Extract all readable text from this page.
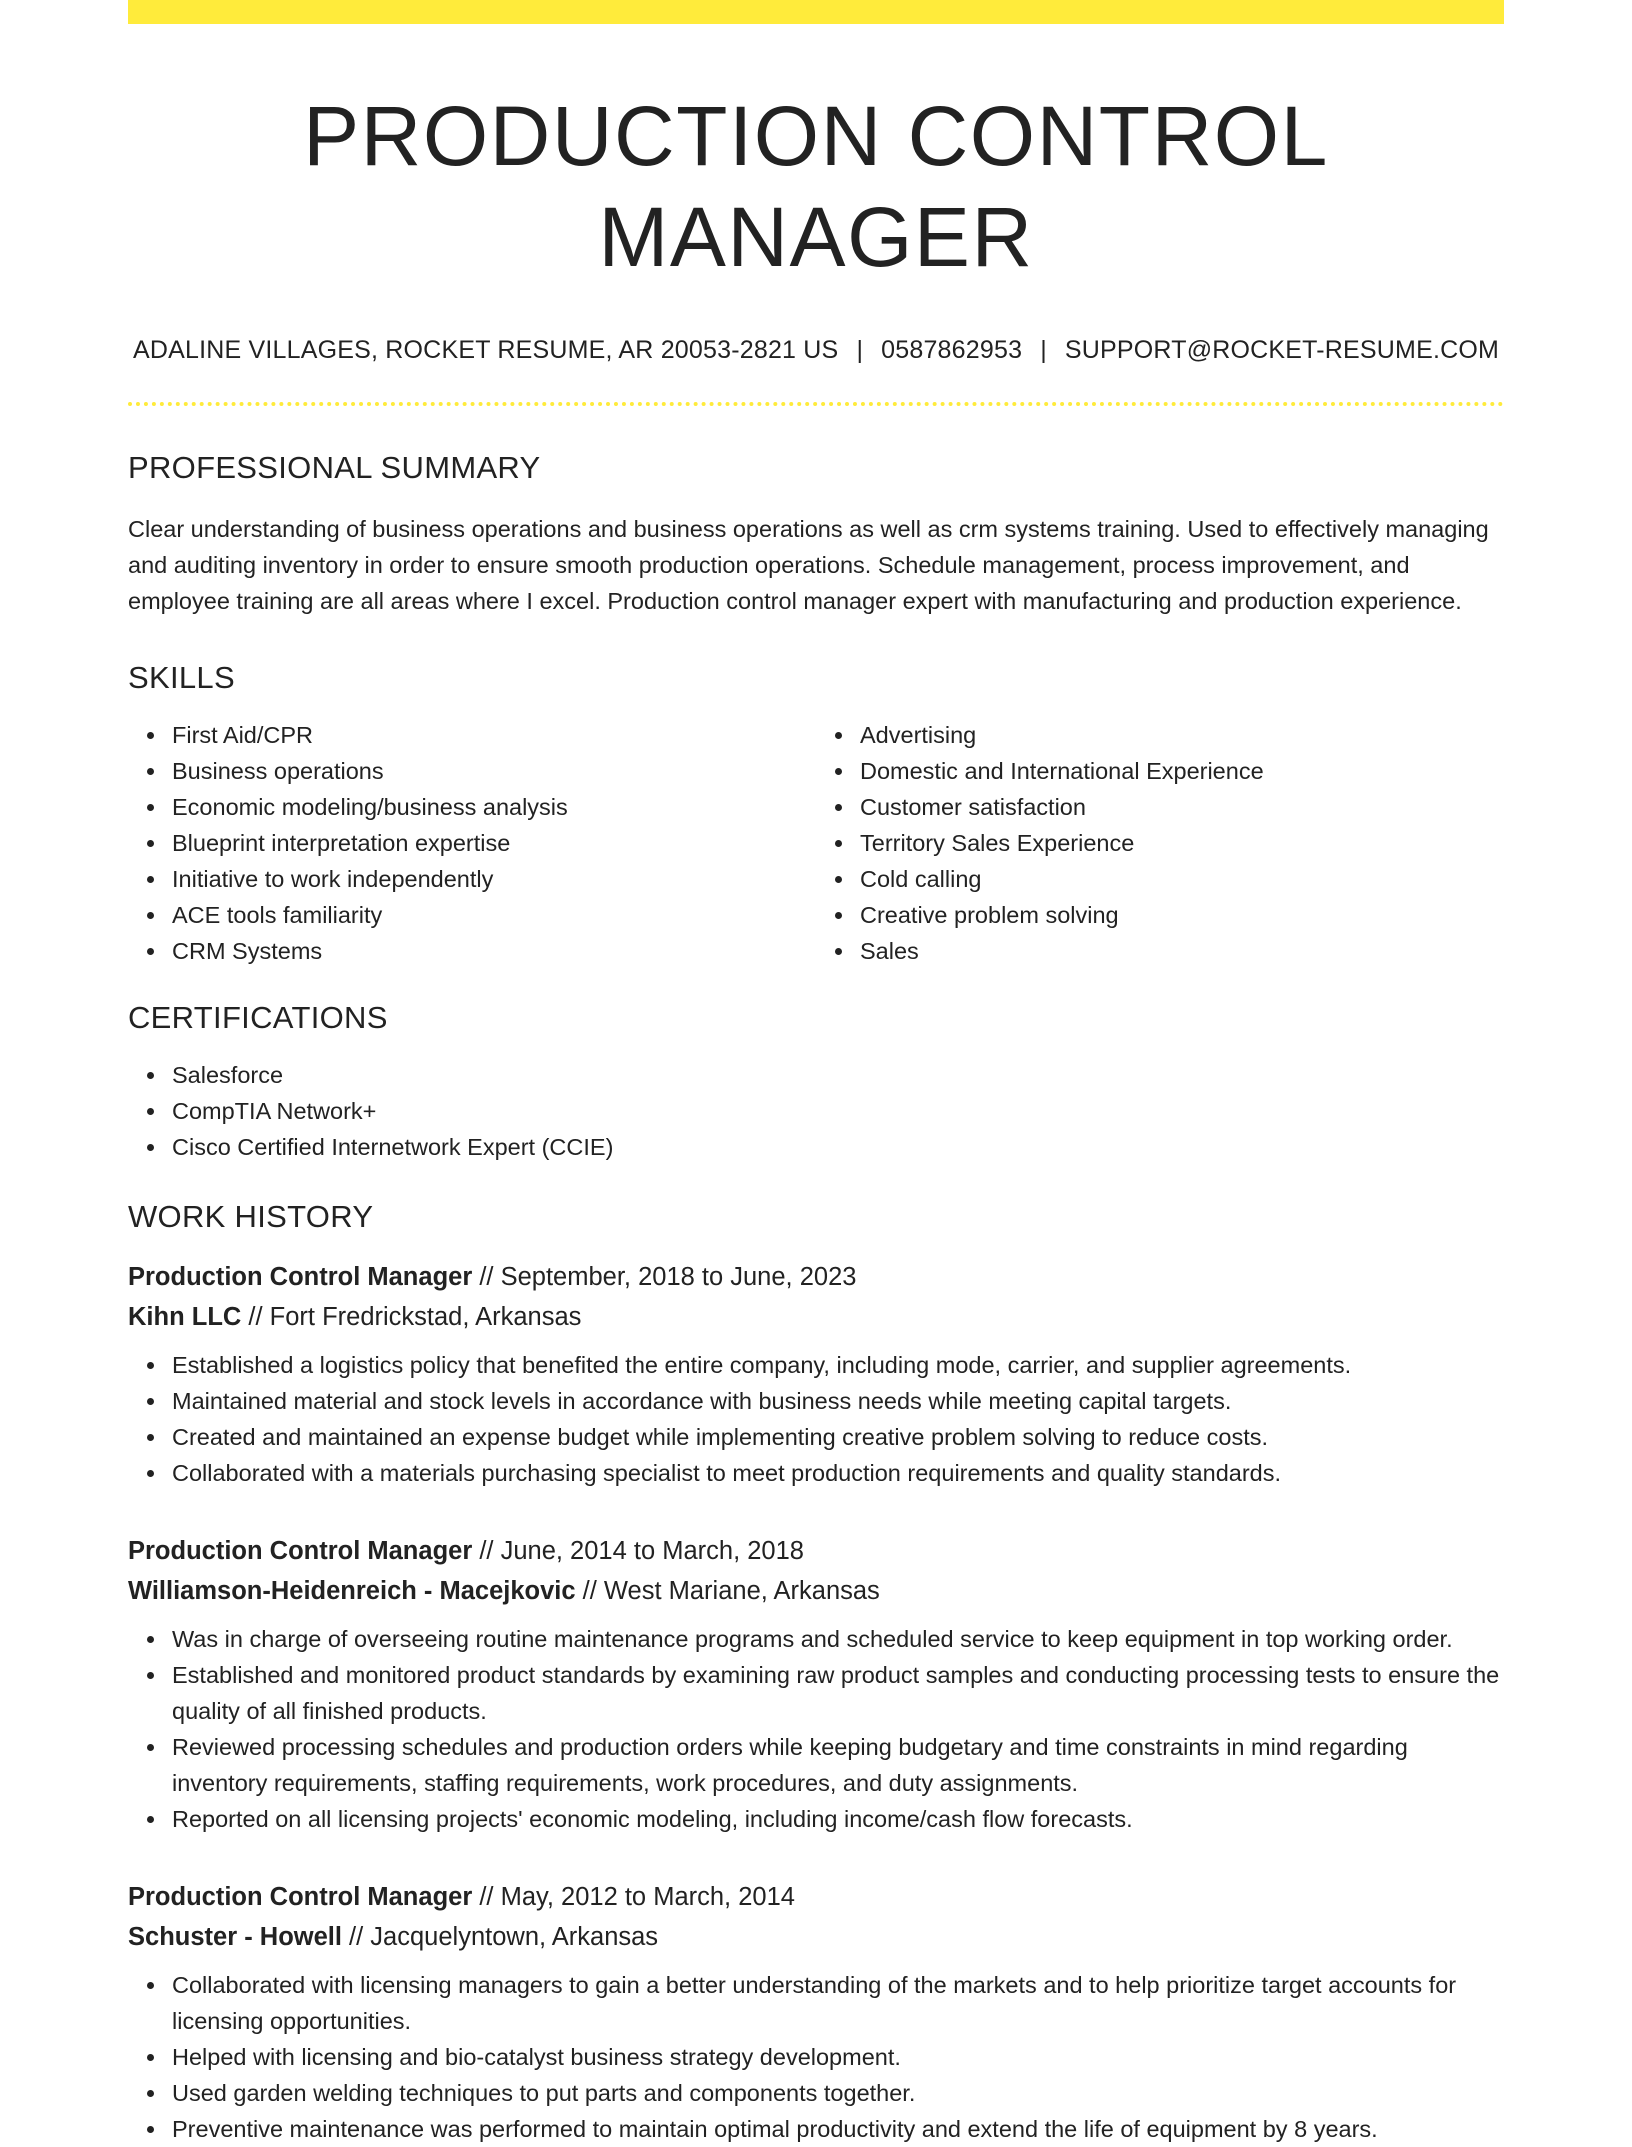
PRODUCTION CONTROL MANAGER
ADALINE VILLAGES, ROCKET RESUME, AR 20053-2821 US | 0587862953 | SUPPORT@ROCKET-RESUME.COM
PROFESSIONAL SUMMARY
Clear understanding of business operations and business operations as well as crm systems training. Used to effectively managing and auditing inventory in order to ensure smooth production operations. Schedule management, process improvement, and employee training are all areas where I excel. Production control manager expert with manufacturing and production experience.
SKILLS
First Aid/CPR
Business operations
Economic modeling/business analysis
Blueprint interpretation expertise
Initiative to work independently
ACE tools familiarity
CRM Systems
Advertising
Domestic and International Experience
Customer satisfaction
Territory Sales Experience
Cold calling
Creative problem solving
Sales
CERTIFICATIONS
Salesforce
CompTIA Network+
Cisco Certified Internetwork Expert (CCIE)
WORK HISTORY
Production Control Manager // September, 2018 to June, 2023
Kihn LLC // Fort Fredrickstad, Arkansas
Established a logistics policy that benefited the entire company, including mode, carrier, and supplier agreements.
Maintained material and stock levels in accordance with business needs while meeting capital targets.
Created and maintained an expense budget while implementing creative problem solving to reduce costs.
Collaborated with a materials purchasing specialist to meet production requirements and quality standards.
Production Control Manager // June, 2014 to March, 2018
Williamson-Heidenreich - Macejkovic // West Mariane, Arkansas
Was in charge of overseeing routine maintenance programs and scheduled service to keep equipment in top working order.
Established and monitored product standards by examining raw product samples and conducting processing tests to ensure the quality of all finished products.
Reviewed processing schedules and production orders while keeping budgetary and time constraints in mind regarding inventory requirements, staffing requirements, work procedures, and duty assignments.
Reported on all licensing projects' economic modeling, including income/cash flow forecasts.
Production Control Manager // May, 2012 to March, 2014
Schuster - Howell // Jacquelyntown, Arkansas
Collaborated with licensing managers to gain a better understanding of the markets and to help prioritize target accounts for licensing opportunities.
Helped with licensing and bio-catalyst business strategy development.
Used garden welding techniques to put parts and components together.
Preventive maintenance was performed to maintain optimal productivity and extend the life of equipment by 8 years.
